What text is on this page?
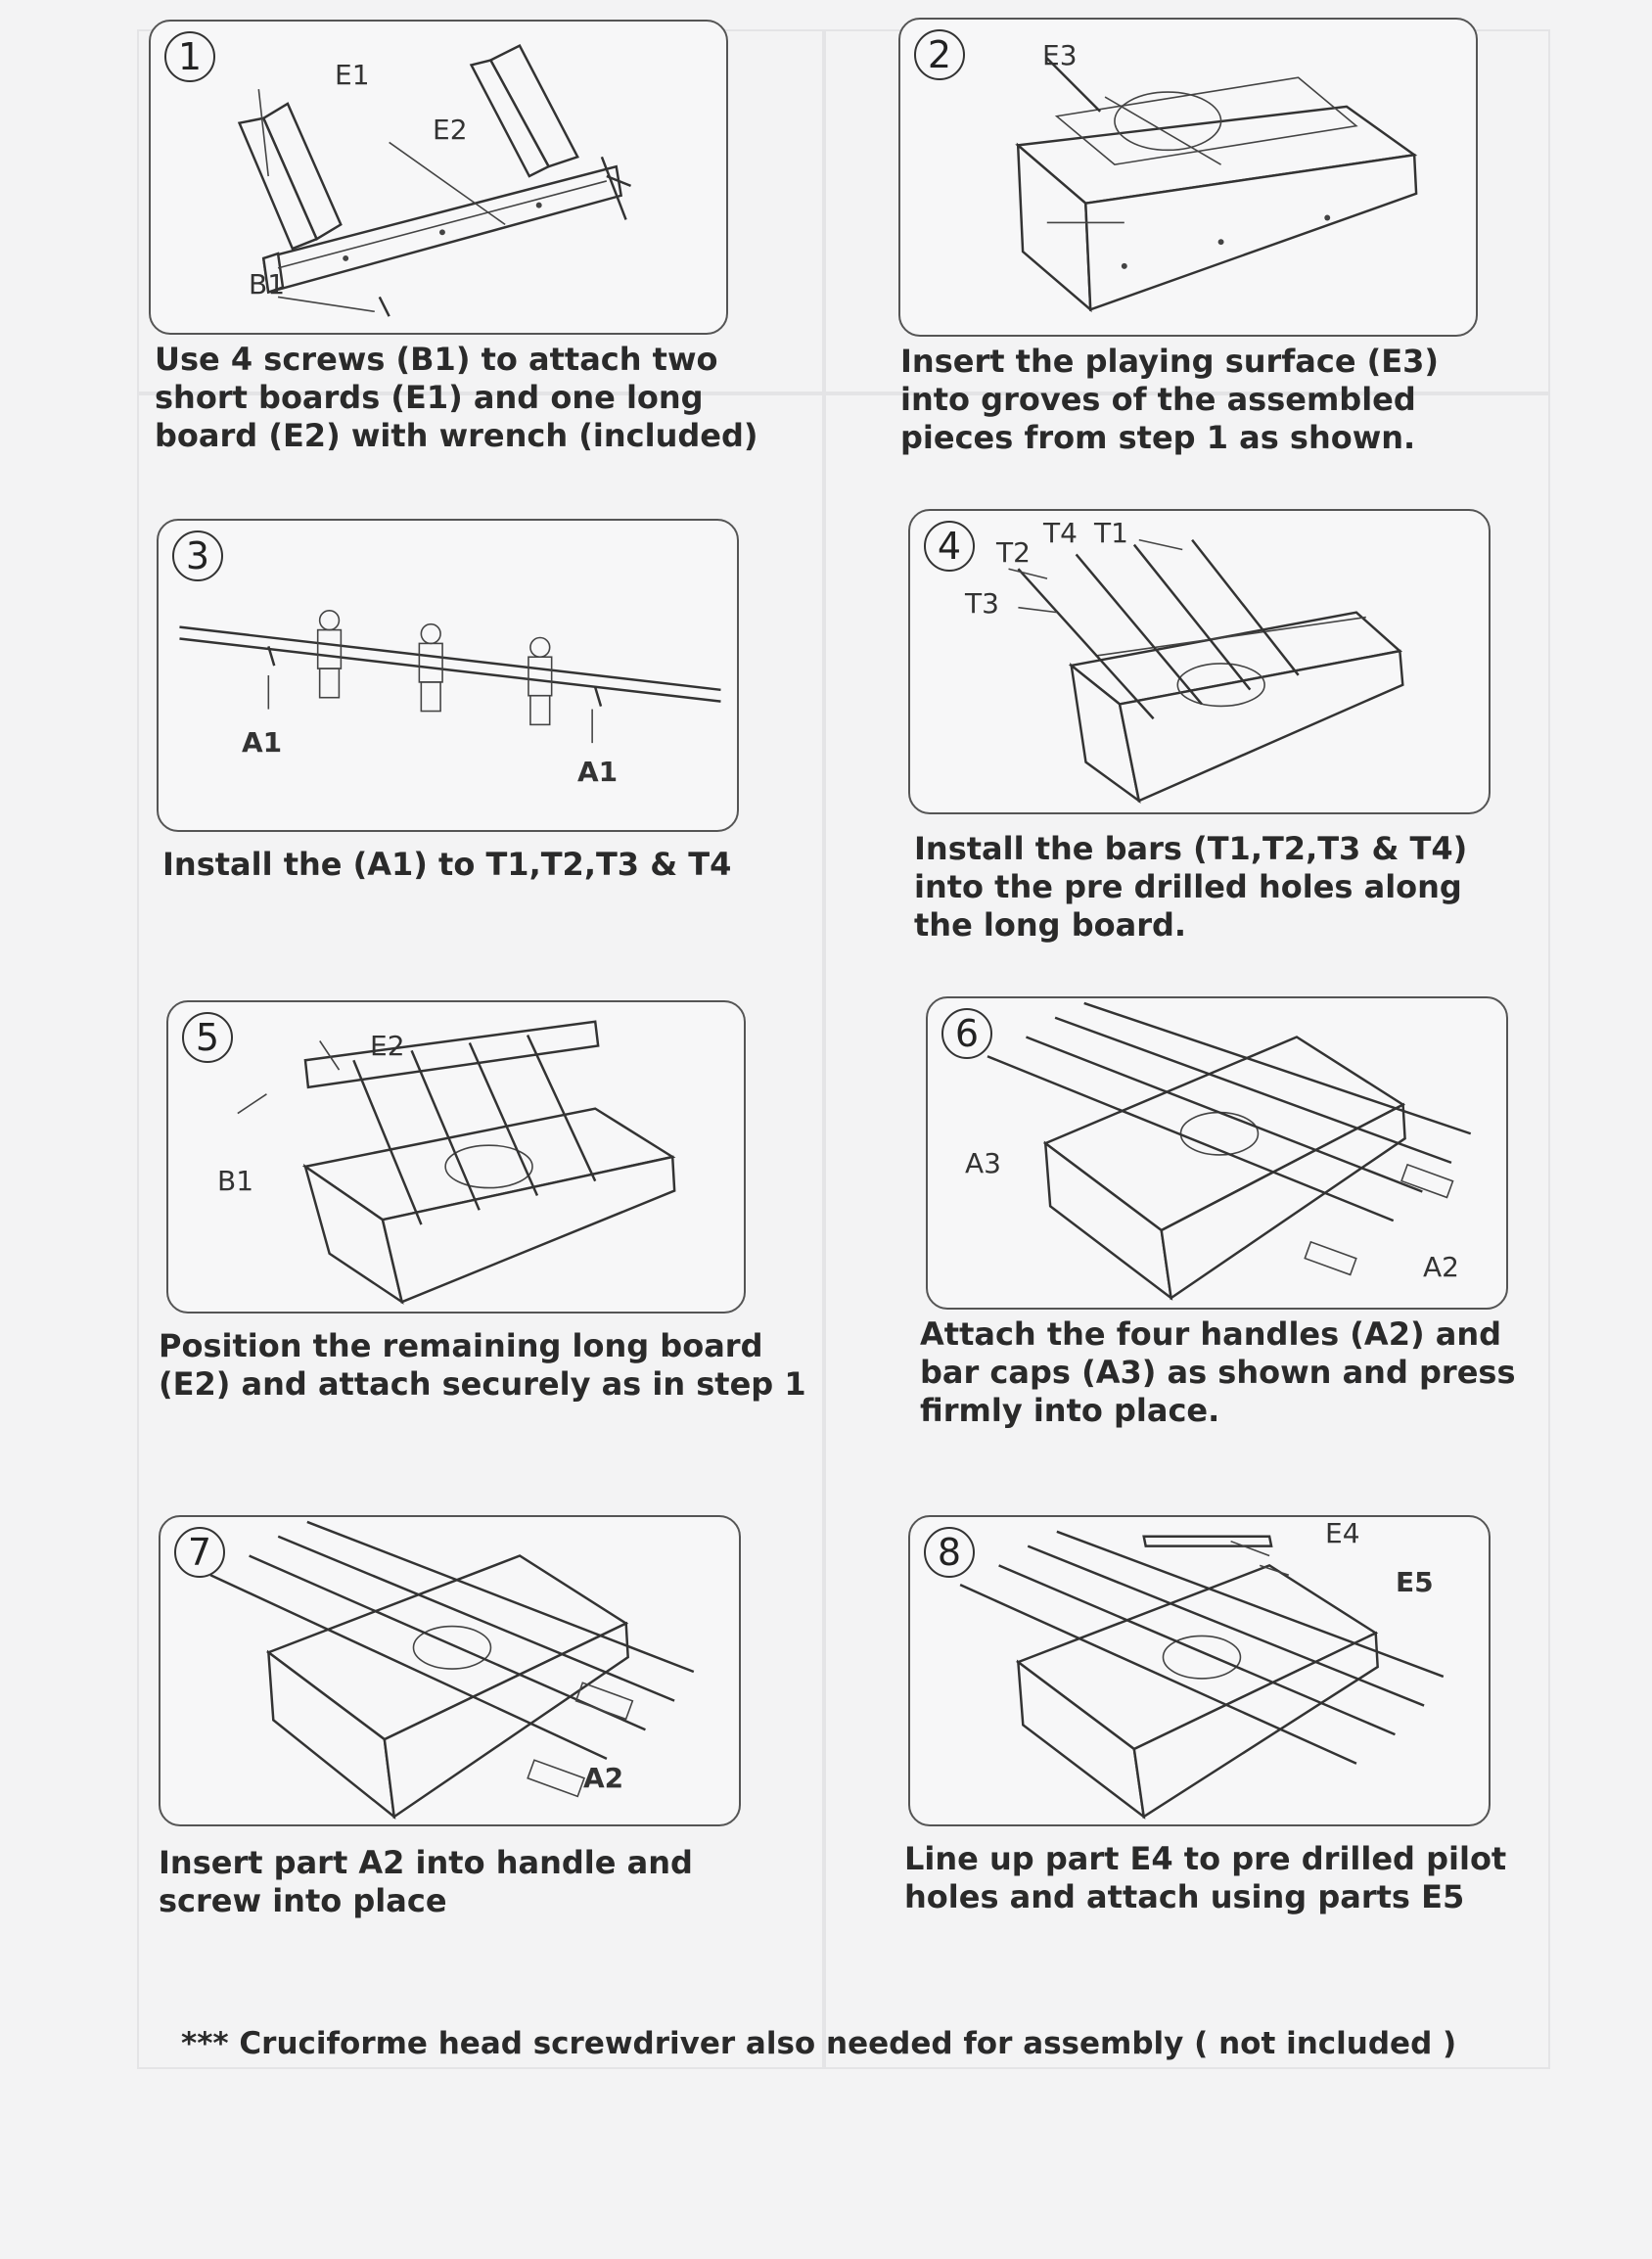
1	E1
E2
B1
Use 4 screws (B1) to attach two
short boards (E1) and one long
board (E2) with wrench (included)
2	E3
Insert the playing surface (E3)
into groves of the assembled
pieces from step 1 as shown.
3
A1
A1
Install the (A1) to T1,T2,T3 & T4
4	T4 T1
T2
T3
Install the bars (T1,T2,T3 & T4)
into the pre drilled holes along
the long board.
5	E2
B1
Position the remaining long board
(E2) and attach securely as in step 1
6
A3
A2
Attach the four handles (A2) and
bar caps (A3) as shown and press
firmly into place.
7
A2
Insert part A2 into handle and
screw into place
8	E4
E5
Line up part E4 to pre drilled pilot
holes and attach using parts E5
*** Cruciforme head screwdriver also needed for assembly ( not included )
